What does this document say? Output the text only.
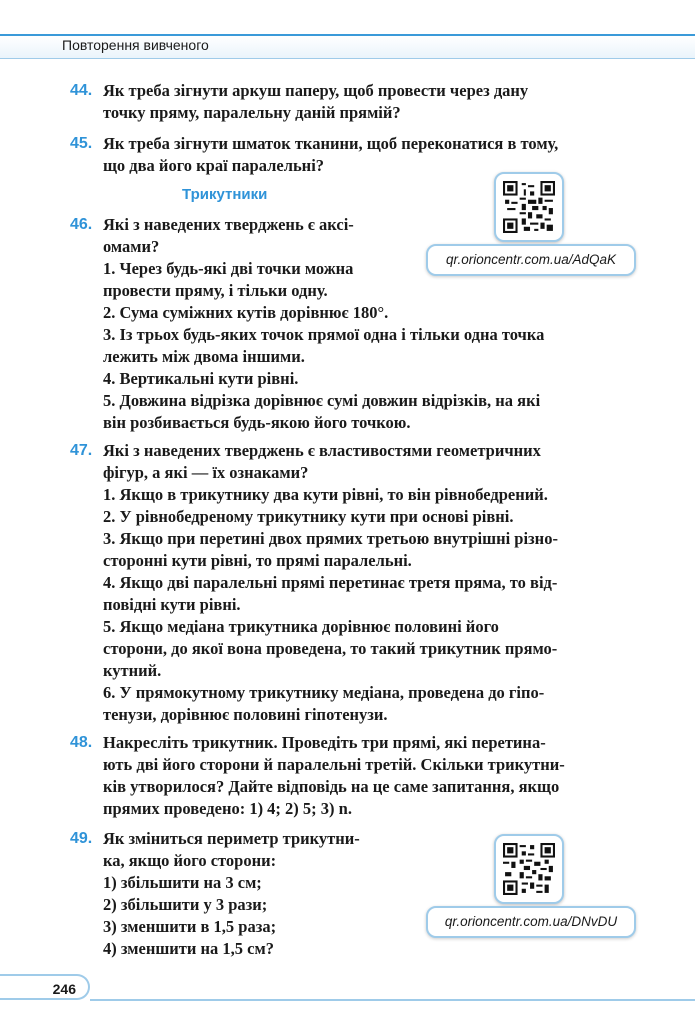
Повторення вивченого
44. Як треба зігнути аркуш паперу, щоб провести через дану
точку пряму, паралельну даній прямій?
45. Як треба зігнути шматок тканини, щоб переконатися в тому,
що два його краї паралельні?
Трикутники
qr.orioncentr.com.ua/AdQaK
46. Які з наведених тверджень є аксі-
омами?
1. Через будь-які дві точки можна
провести пряму, і тільки одну.
2. Сума суміжних кутів дорівнює 180°.
3. Із трьох будь-яких точок прямої одна і тільки одна точка
лежить між двома іншими.
4. Вертикальні кути рівні.
5. Довжина відрізка дорівнює сумі довжин відрізків, на які
він розбивається будь-якою його точкою.
47. Які з наведених тверджень є властивостями геометричних
фігур, а які — їх ознаками?
1. Якщо в трикутнику два кути рівні, то він рівнобедрений.
2. У рівнобедреному трикутнику кути при основі рівні.
3. Якщо при перетині двох прямих третьою внутрішні різно-
сторонні кути рівні, то прямі паралельні.
4. Якщо дві паралельні прямі перетинає третя пряма, то від-
повідні кути рівні.
5. Якщо медіана трикутника дорівнює половині його
сторони, до якої вона проведена, то такий трикутник прямо-
кутний.
6. У прямокутному трикутнику медіана, проведена до гіпо-
тенузи, дорівнює половині гіпотенузи.
48. Накресліть трикутник. Проведіть три прямі, які перетина-
ють дві його сторони й паралельні третій. Скільки трикутни-
ків утворилося? Дайте відповідь на це саме запитання, якщо
прямих проведено: 1) 4; 2) 5; 3) n.
qr.orioncentr.com.ua/DNvDU
49. Як зміниться периметр трикутни-
ка, якщо його сторони:
1) збільшити на 3 см;
2) збільшити у 3 рази;
3) зменшити в 1,5 раза;
4) зменшити на 1,5 см?
246
